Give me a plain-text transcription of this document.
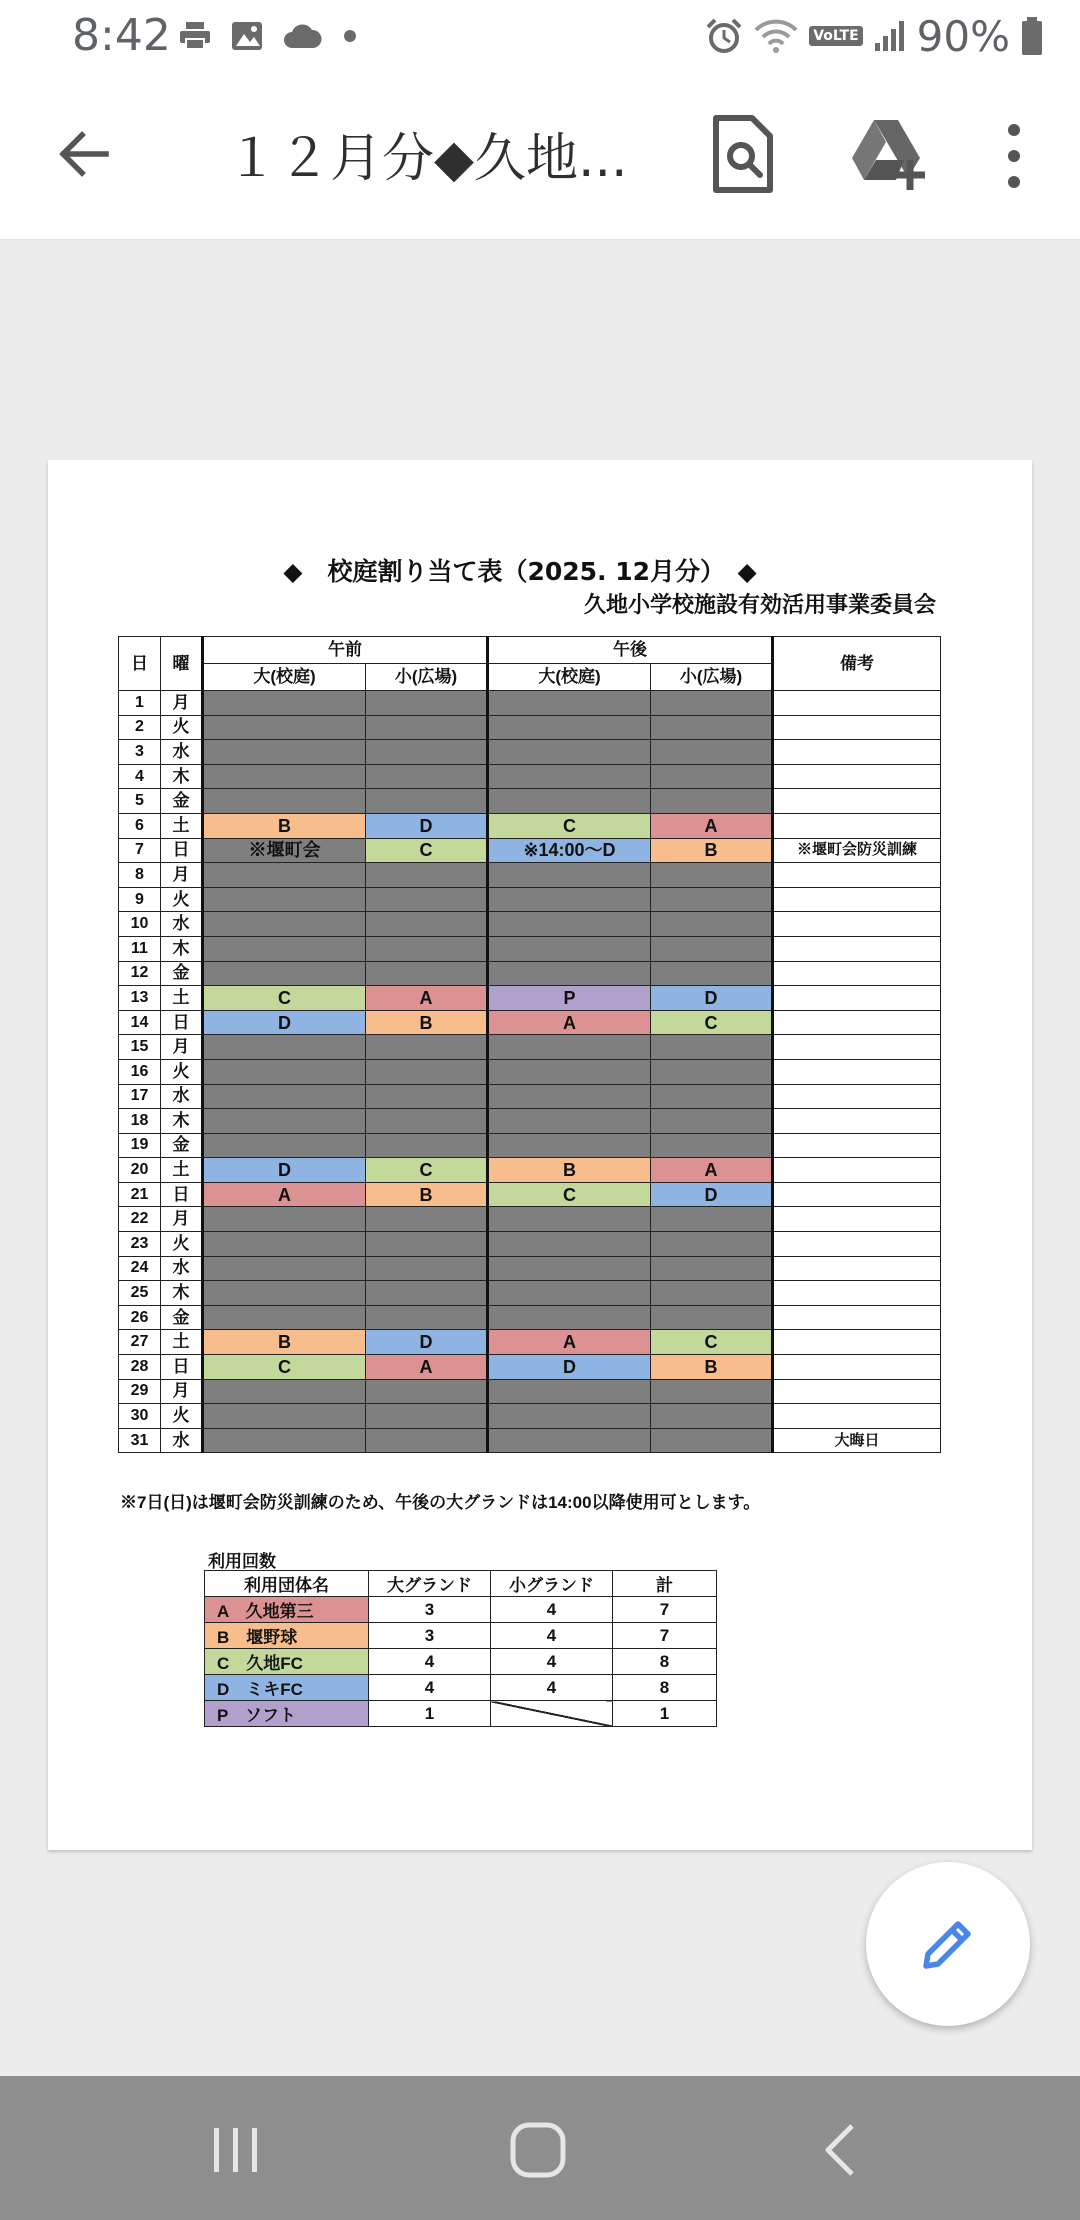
8:42	VoLTE 90%
１２月分◆久地...
◆　校庭割り当て表（2025. 12月分）　◆
久地小学校施設有効活用事業委員会
日	曜	午前		午後		備考
		大(校庭)	小(広場)	大(校庭)	小(広場)	
1	月					
2	火					
3	水					
4	木					
5	金					
6	土	B	D	C	A	
7	日	※堰町会	C	※14:00～D	B	※堰町会防災訓練
8	月					
9	火					
10	水					
11	木					
12	金					
13	土	C	A	P	D	
14	日	D	B	A	C	
15	月					
16	火					
17	水					
18	木					
19	金					
20	土	D	C	B	A	
21	日	A	B	C	D	
22	月					
23	火					
24	水					
25	木					
26	金					
27	土	B	D	A	C	
28	日	C	A	D	B	
29	月					
30	火					
31	水					大晦日
※7日(日)は堰町会防災訓練のため、午後の大グランドは14:00以降使用可とします。
利用回数
利用団体名	大グランド	小グランド	計
A　久地第三	3	4	7
B　堰野球	3	4	7
C　久地FC	4	4	8
D　ミキFC	4	4	8
P　ソフト	1		1
